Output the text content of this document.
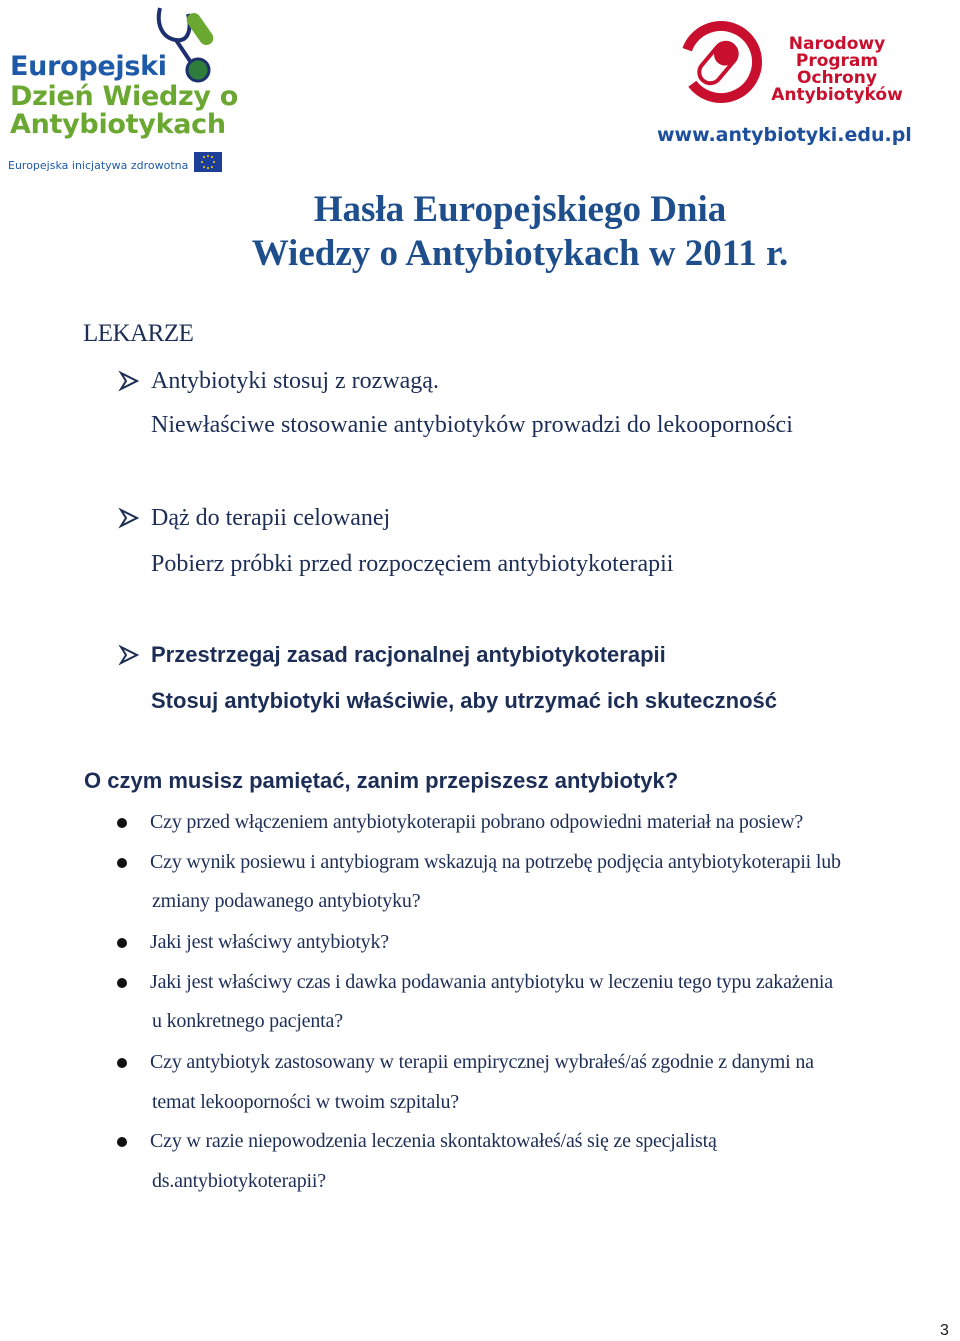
Europejski
Dzień Wiedzy o
Antybiotykach
Europejska inicjatywa zdrowotna
Narodowy
Program
Ochrony
Antybiotyków
www.antybiotyki.edu.pl
Hasła Europejskiego Dnia
Wiedzy o Antybiotykach w 2011 r.
LEKARZE
Antybiotyki stosuj z rozwagą.
Niewłaściwe stosowanie antybiotyków prowadzi do lekooporności
Dąż do terapii celowanej
Pobierz próbki przed rozpoczęciem antybiotykoterapii
Przestrzegaj zasad racjonalnej antybiotykoterapii
Stosuj antybiotyki właściwie, aby utrzymać ich skuteczność
O czym musisz pamiętać, zanim przepiszesz antybiotyk?
Czy przed włączeniem antybiotykoterapii pobrano odpowiedni materiał na posiew?
Czy wynik posiewu i antybiogram wskazują na potrzebę podjęcia antybiotykoterapii lub
zmiany podawanego antybiotyku?
Jaki jest właściwy antybiotyk?
Jaki jest właściwy czas i dawka podawania antybiotyku w leczeniu tego typu zakażenia
u konkretnego pacjenta?
Czy antybiotyk zastosowany w terapii empirycznej wybrałeś/aś zgodnie z danymi na
temat lekooporności w twoim szpitalu?
Czy w razie niepowodzenia leczenia skontaktowałeś/aś się ze specjalistą
ds.antybiotykoterapii?
3
